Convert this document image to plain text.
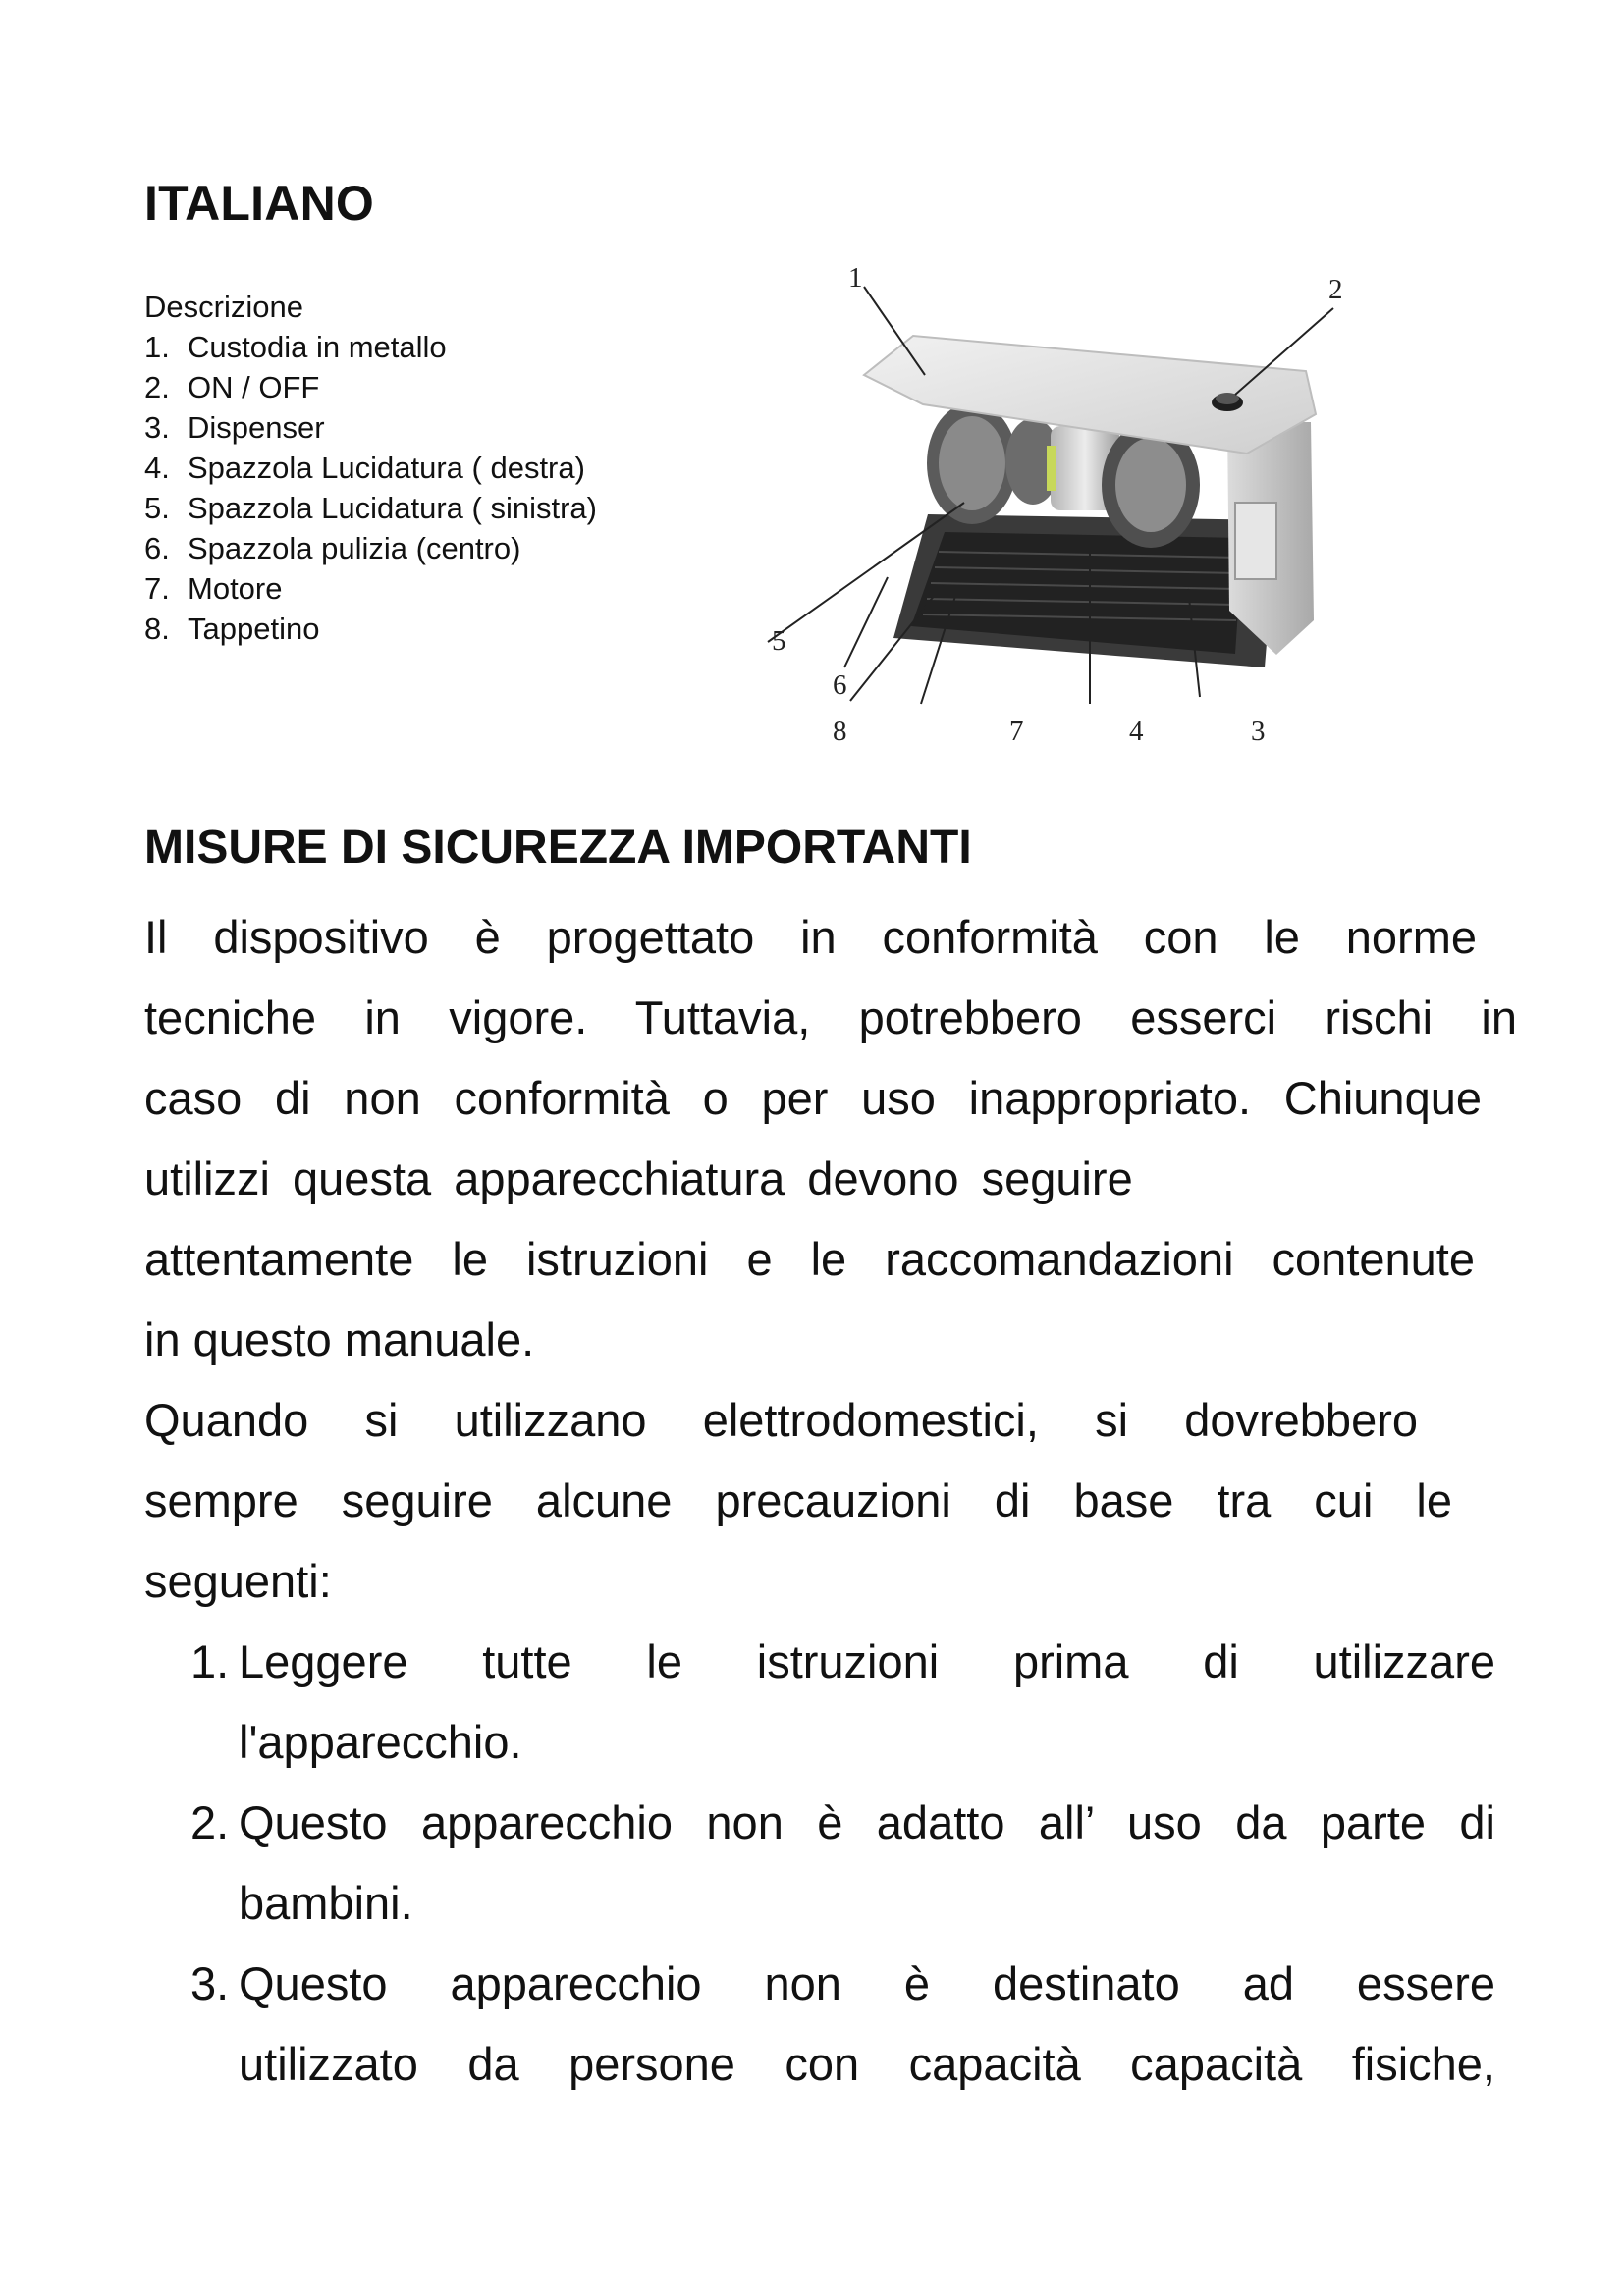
ITALIANO
Descrizione
1. Custodia in metallo
2. ON / OFF
3. Dispenser
4. Spazzola Lucidatura ( destra)
5. Spazzola Lucidatura ( sinistra)
6. Spazzola pulizia (centro)
7. Motore
8. Tappetino
1	2
5
6
8	7	4	3
MISURE DI SICUREZZA IMPORTANTI
Il dispositivo è progettato in conformità con le norme
tecniche in vigore. Tuttavia, potrebbero esserci rischi in
caso di non conformità o per uso inappropriato. Chiunque
utilizzi questa apparecchiatura devono seguire
attentamente le istruzioni e le raccomandazioni contenute
in questo manuale.
Quando si utilizzano elettrodomestici, si dovrebbero
sempre seguire alcune precauzioni di base tra cui le
seguenti:
1. Leggere tutte le istruzioni prima di utilizzare
l'apparecchio.
2. Questo apparecchio non è adatto all’ uso da parte di
bambini.
3. Questo apparecchio non è destinato ad essere
utilizzato da persone con capacità capacità fisiche,
